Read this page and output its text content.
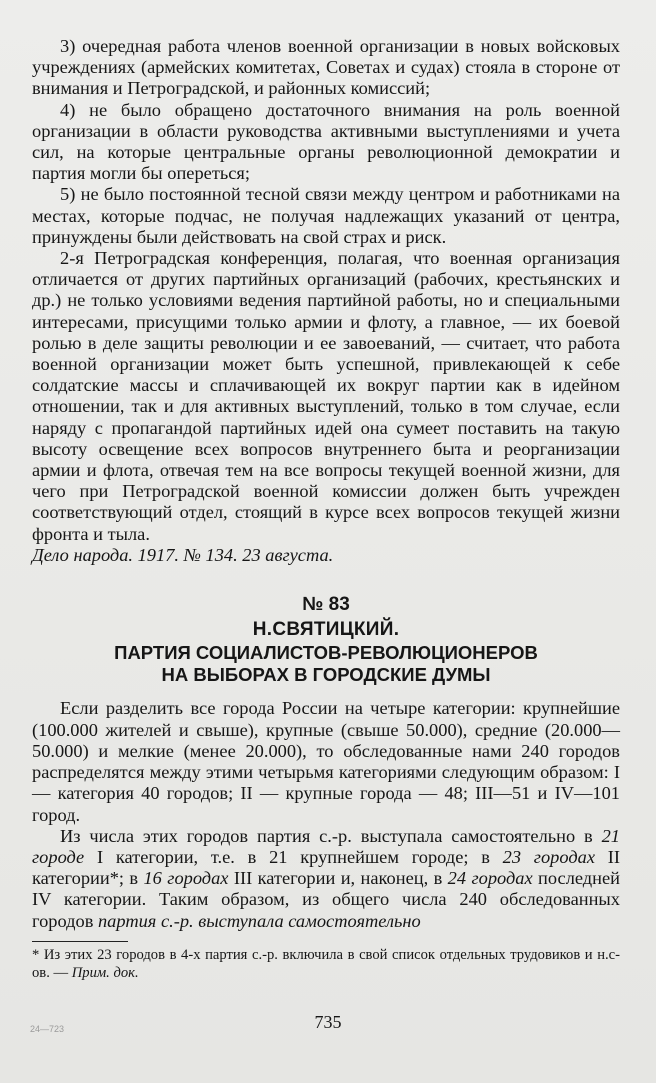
3) очередная работа членов военной организации в новых войсковых учреждениях (армейских комитетах, Советах и судах) стояла в стороне от внимания и Петроградской, и районных комиссий;

4) не было обращено достаточного внимания на роль военной организации в области руководства активными выступлениями и учета сил, на которые центральные органы революционной демократии и партия могли бы опереться;

5) не было постоянной тесной связи между центром и работниками на местах, которые подчас, не получая надлежащих указаний от центра, принуждены были действовать на свой страх и риск.

2-я Петроградская конференция, полагая, что военная организация отличается от других партийных организаций (рабочих, крестьянских и др.) не только условиями ведения партийной работы, но и специальными интересами, присущими только армии и флоту, а главное, — их боевой ролью в деле защиты революции и ее завоеваний, — считает, что работа военной организации может быть успешной, привлекающей к себе солдатские массы и сплачивающей их вокруг партии как в идейном отношении, так и для активных выступлений, только в том случае, если наряду с пропагандой партийных идей она сумеет поставить на такую высоту освещение всех вопросов внутреннего быта и реорганизации армии и флота, отвечая тем на все вопросы текущей военной жизни, для чего при Петроградской военной комиссии должен быть учрежден соответствующий отдел, стоящий в курсе всех вопросов текущей жизни фронта и тыла.

Дело народа. 1917. № 134. 23 августа.

№ 83
Н.СВЯТИЦКИЙ.
ПАРТИЯ СОЦИАЛИСТОВ-РЕВОЛЮЦИОНЕРОВ
НА ВЫБОРАХ В ГОРОДСКИЕ ДУМЫ

Если разделить все города России на четыре категории: крупнейшие (100.000 жителей и свыше), крупные (свыше 50.000), средние (20.000—50.000) и мелкие (менее 20.000), то обследованные нами 240 городов распределятся между этими четырьмя категориями следующим образом: I — категория 40 городов; II — крупные города — 48; III—51 и IV—101 город.

Из числа этих городов партия с.-р. выступала самостоятельно в 21 городе I категории, т.е. в 21 крупнейшем городе; в 23 городах II категории*; в 16 городах III категории и, наконец, в 24 городах последней IV категории. Таким образом, из общего числа 240 обследованных городов партия с.-р. выступала самостоятельно

* Из этих 23 городов в 4-х партия с.-р. включила в свой список отдельных трудовиков и н.с-ов. — Прим. док.
735
24—723
